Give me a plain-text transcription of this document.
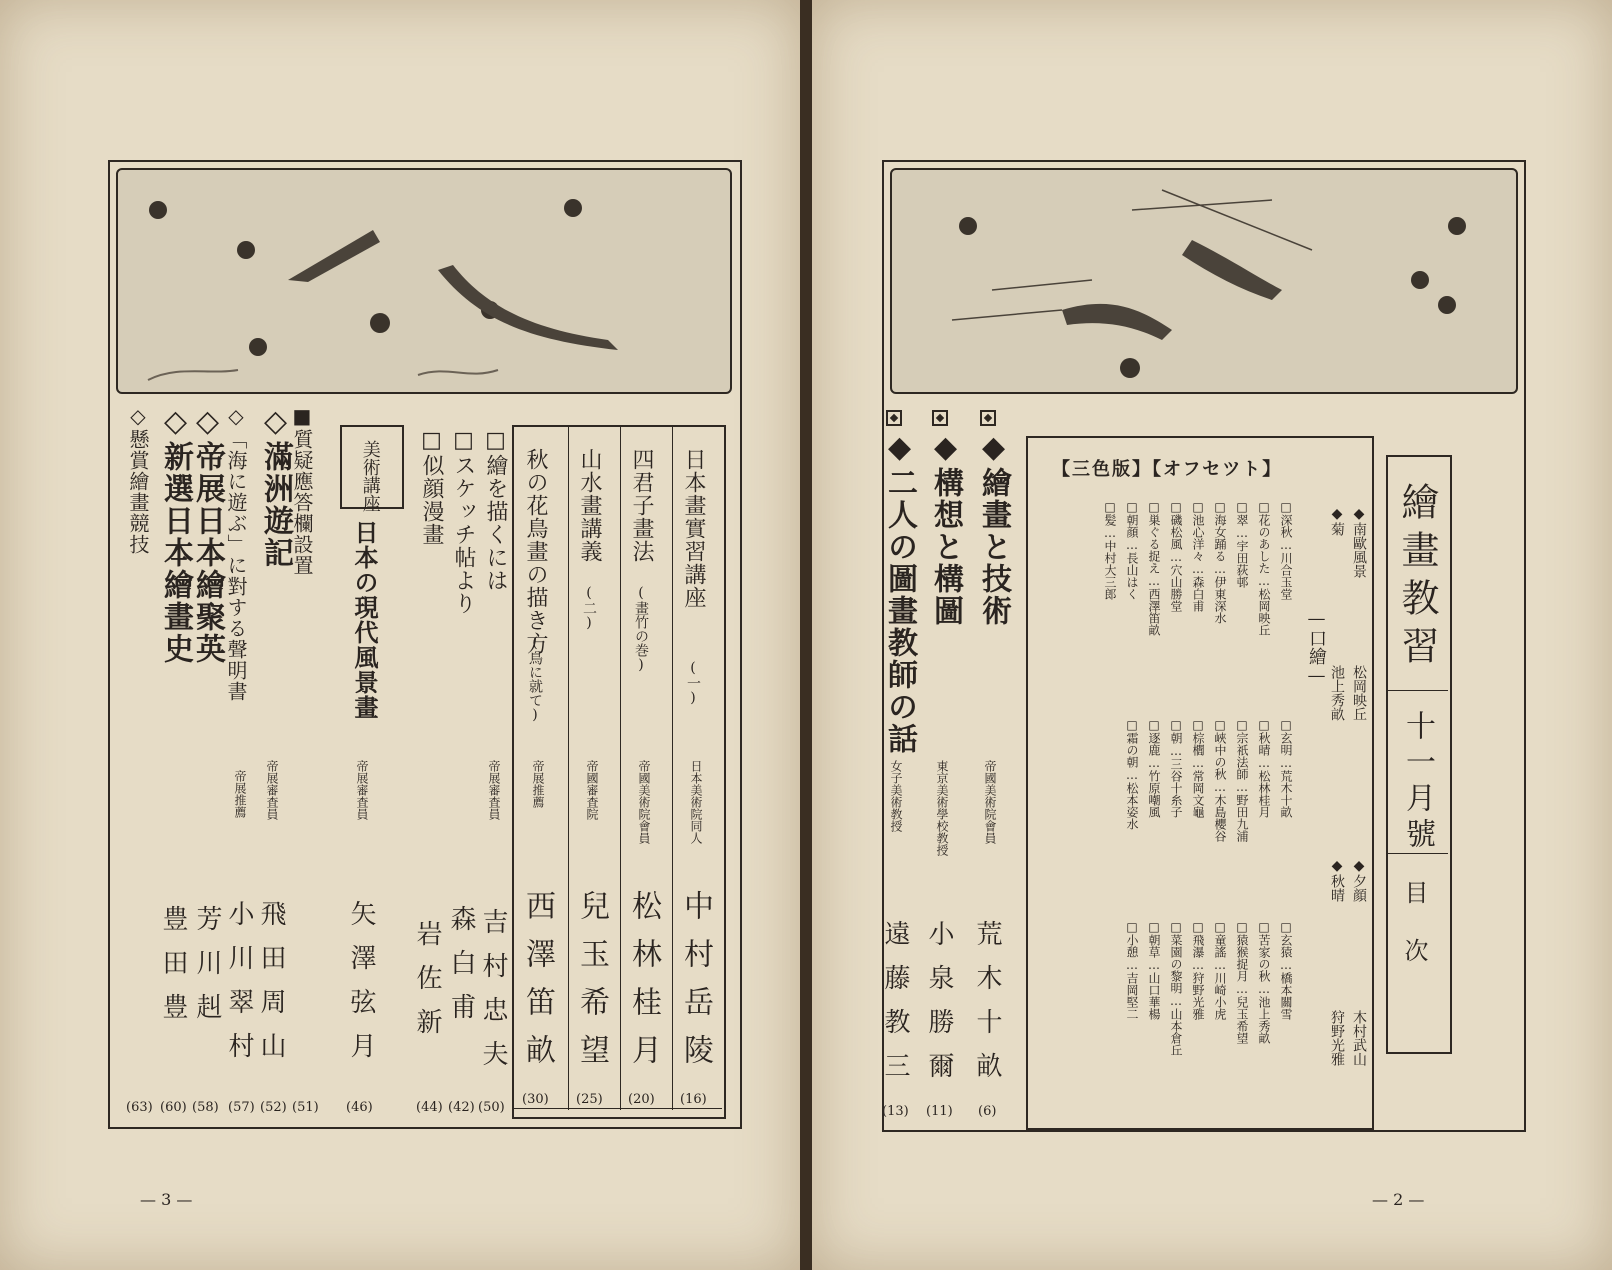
日本畫實習講座
(一)
日本美術院同人
中村岳陵
(16)
四君子畫法
(畫竹の巻)
帝國美術院會員
松林桂月
(20)
山水畫講義
(二)
帝國審査院
兒玉希望
(25)
秋の花鳥畫の描き方
(鳥に就て)
帝展推薦
西澤笛畝
(30)
□繪を描くには
帝展審査員
吉村忠夫
(50)
□スケッチ帖より
森白甫
(42)
□似顔漫畫
岩佐新
(44)
美術講座
日本の現代風景畫
帝展審査員
矢澤弦月
(46)
■質疑應答欄設置
(51)
◇滿洲遊記
帝展審査員
飛田周山
(52)
◇「海に遊ぶ」に對する聲明書
帝展推薦
小川翠村
(57)
◇帝展日本繪聚英
芳川赳
(58)
◇新選日本繪畫史
豊田豊
(60)
◇懸賞繪畫競技
(63)
— 3 —
繪畫教習
十一月號
目次
—口繪—
◆南歐風景
松岡映丘
◆菊
池上秀畝
◆夕顔
木村武山
◆秋晴
狩野光雅
【三色版】【オフセツト】
□深秋…川合玉堂
□玄明…荒木十畝
□玄猿…橋本關雪
□花のあした…松岡映丘
□秋晴…松林桂月
□苦家の秋…池上秀畝
□翠…宇田荻邨
□宗祇法師…野田九浦
□猿猴捉月…兒玉希望
□海女踊る…伊東深水
□峽中の秋…木島櫻谷
□童謠…川崎小虎
□池心洋々…森白甫
□棕櫚…常岡文龜
□飛瀑…狩野光雅
□磯松風…穴山勝堂
□朝…三谷十糸子
□菜園の黎明…山本倉丘
□巣ぐる捉え…西澤笛畝
□逐鹿…竹原嘲風
□朝草…山口華楊
□朝顔…長山はく
□霜の朝…松本姿水
□小憩…吉岡堅二
□髪…中村大三郎
◆繪畫と技術
帝國美術院會員
荒木十畝
(6)
◆構想と構圖
東京美術學校教授
小泉勝爾
(11)
◆二人の圖畫教師の話
女子美術教授
遠藤教三
(13)
— 2 —
